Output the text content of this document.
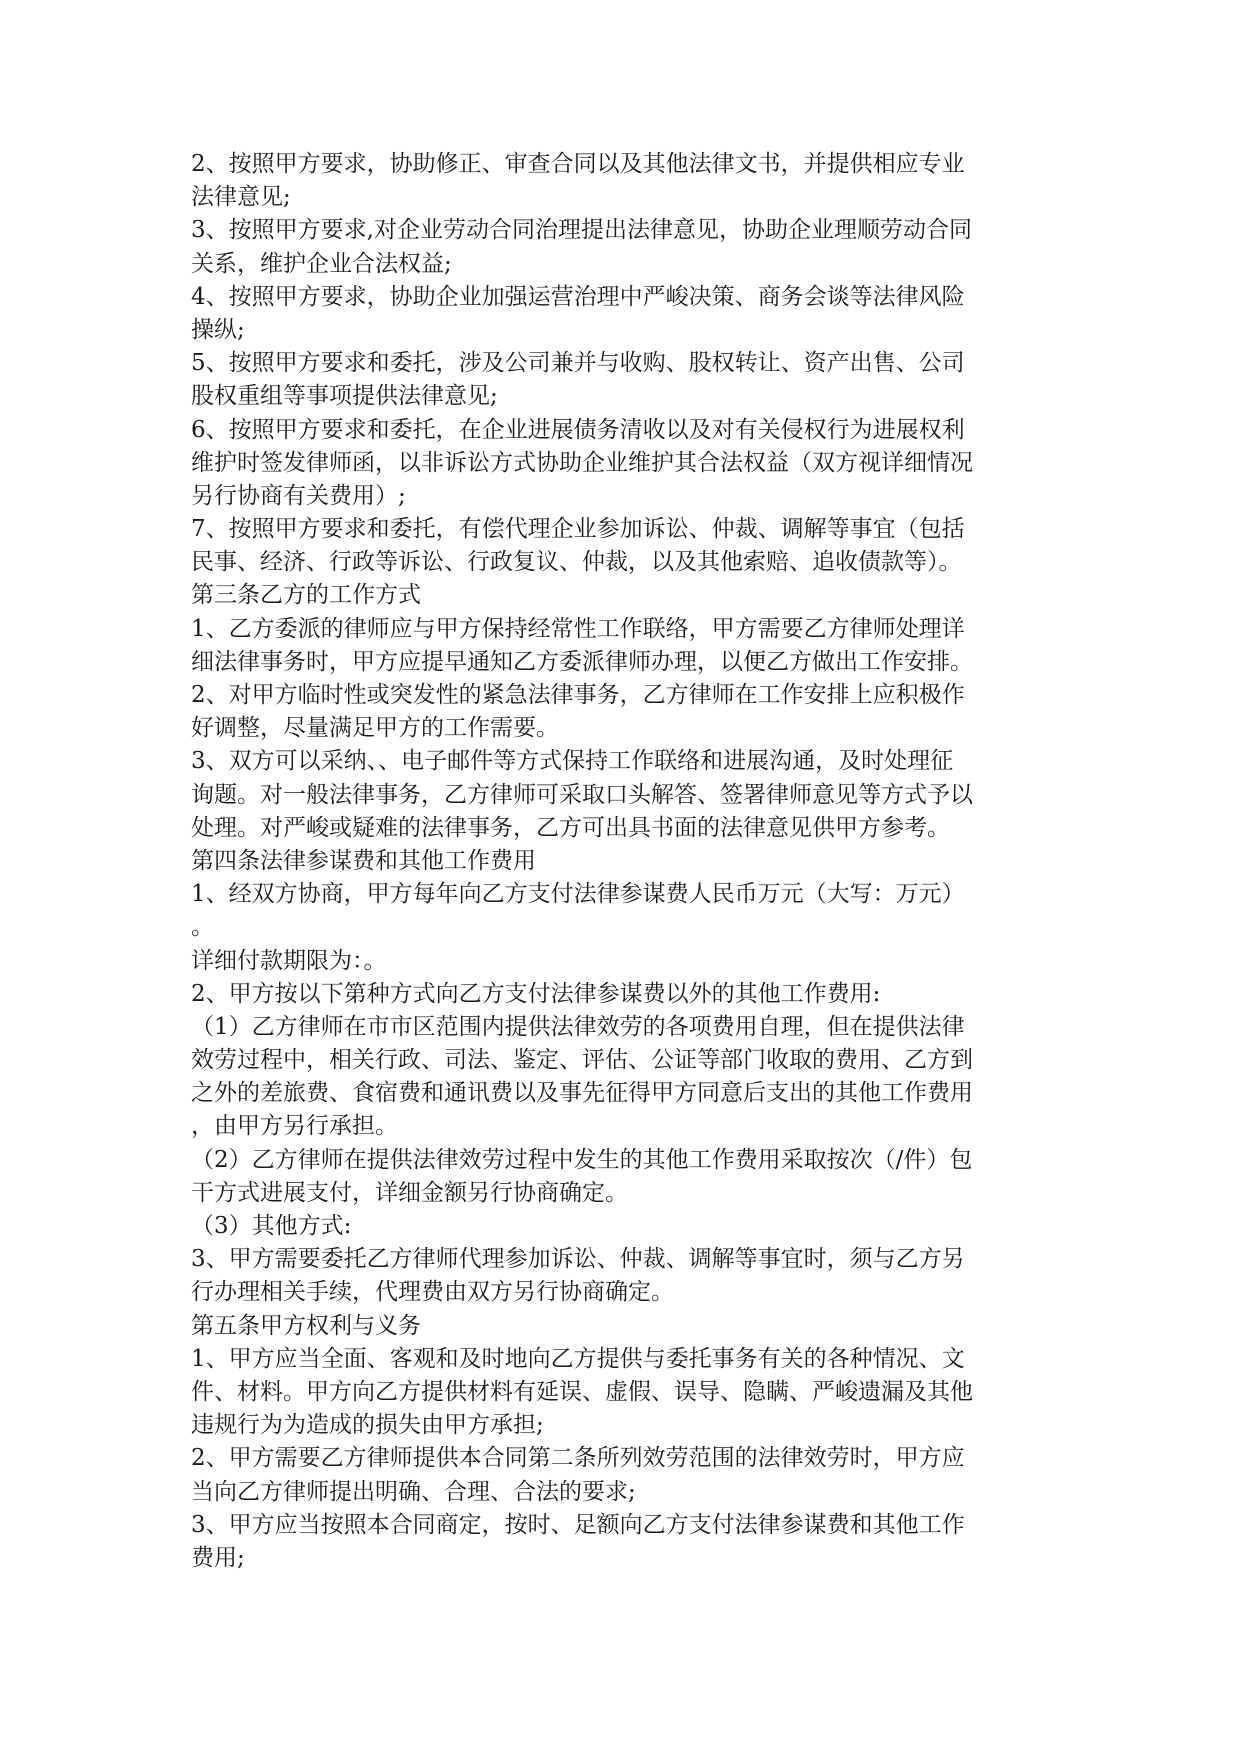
2、按照甲方要求，协助修正、审查合同以及其他法律文书，并提供相应专业
法律意见;
3、按照甲方要求,对企业劳动合同治理提出法律意见，协助企业理顺劳动合同
关系，维护企业合法权益;
4、按照甲方要求，协助企业加强运营治理中严峻决策、商务会谈等法律风险
操纵;
5、按照甲方要求和委托，涉及公司兼并与收购、股权转让、资产出售、公司
股权重组等事项提供法律意见;
6、按照甲方要求和委托，在企业进展债务清收以及对有关侵权行为进展权利
维护时签发律师函，以非诉讼方式协助企业维护其合法权益（双方视详细情况
另行协商有关费用）;
7、按照甲方要求和委托，有偿代理企业参加诉讼、仲裁、调解等事宜（包括
民事、经济、行政等诉讼、行政复议、仲裁，以及其他索赔、追收债款等）。
第三条乙方的工作方式
1、乙方委派的律师应与甲方保持经常性工作联络，甲方需要乙方律师处理详
细法律事务时，甲方应提早通知乙方委派律师办理，以便乙方做出工作安排。
2、对甲方临时性或突发性的紧急法律事务，乙方律师在工作安排上应积极作
好调整，尽量满足甲方的工作需要。
3、双方可以采纳、、电子邮件等方式保持工作联络和进展沟通，及时处理征
询题。对一般法律事务，乙方律师可采取口头解答、签署律师意见等方式予以
处理。对严峻或疑难的法律事务，乙方可出具书面的法律意见供甲方参考。
第四条法律参谋费和其他工作费用
1、经双方协商，甲方每年向乙方支付法律参谋费人民币万元（大写：万元）
。
详细付款期限为：。
2、甲方按以下第种方式向乙方支付法律参谋费以外的其他工作费用:
（1）乙方律师在市市区范围内提供法律效劳的各项费用自理，但在提供法律
效劳过程中，相关行政、司法、鉴定、评估、公证等部门收取的费用、乙方到
之外的差旅费、食宿费和通讯费以及事先征得甲方同意后支出的其他工作费用
，由甲方另行承担。
（2）乙方律师在提供法律效劳过程中发生的其他工作费用采取按次（/件）包
干方式进展支付，详细金额另行协商确定。
（3）其他方式:
3、甲方需要委托乙方律师代理参加诉讼、仲裁、调解等事宜时，须与乙方另
行办理相关手续，代理费由双方另行协商确定。
第五条甲方权利与义务
1、甲方应当全面、客观和及时地向乙方提供与委托事务有关的各种情况、文
件、材料。甲方向乙方提供材料有延误、虚假、误导、隐瞒、严峻遗漏及其他
违规行为为造成的损失由甲方承担;
2、甲方需要乙方律师提供本合同第二条所列效劳范围的法律效劳时，甲方应
当向乙方律师提出明确、合理、合法的要求;
3、甲方应当按照本合同商定，按时、足额向乙方支付法律参谋费和其他工作
费用;
